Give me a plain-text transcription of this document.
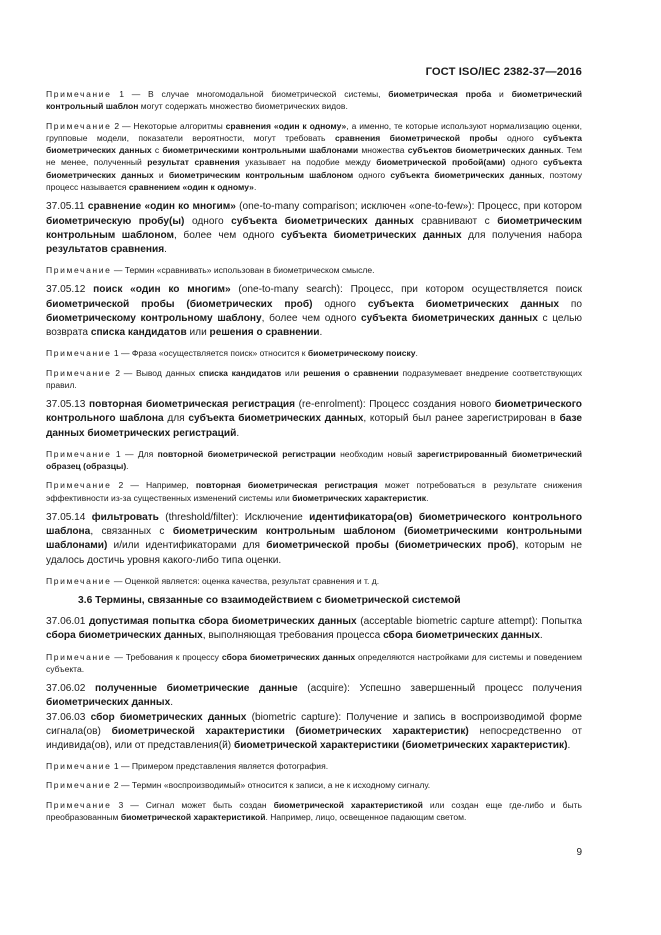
ГОСТ ISO/IEC 2382-37—2016

Примечание 1 — В случае многомодальной биометрической системы, биометрическая проба и биометрический контрольный шаблон могут содержать множество биометрических видов.

Примечание 2 — Некоторые алгоритмы сравнения «один к одному», а именно, те которые используют нормализацию оценки, групповые модели, показатели вероятности, могут требовать сравнения биометрической пробы одного субъекта биометрических данных с биометрическими контрольными шаблонами множества субъектов биометрических данных. Тем не менее, полученный результат сравнения указывает на подобие между биометрической пробой(ами) одного субъекта биометрических данных и биометрическим контрольным шаблоном одного субъекта биометрических данных, поэтому процесс называется сравнением «один к одному».

37.05.11 сравнение «один ко многим» (one-to-many comparison; исключен «one-to-few»): Процесс, при котором биометрическую пробу(ы) одного субъекта биометрических данных сравнивают с биометрическим контрольным шаблоном, более чем одного субъекта биометрических данных для получения набора результатов сравнения.

Примечание — Термин «сравнивать» использован в биометрическом смысле.

37.05.12 поиск «один ко многим» (one-to-many search): Процесс, при котором осуществляется поиск биометрической пробы (биометрических проб) одного субъекта биометрических данных по биометрическому контрольному шаблону, более чем одного субъекта биометрических данных с целью возврата списка кандидатов или решения о сравнении.

Примечание 1 — Фраза «осуществляется поиск» относится к биометрическому поиску.

Примечание 2 — Вывод данных списка кандидатов или решения о сравнении подразумевает внедрение соответствующих правил.

37.05.13 повторная биометрическая регистрация (re-enrolment): Процесс создания нового биометрического контрольного шаблона для субъекта биометрических данных, который был ранее зарегистрирован в базе данных биометрических регистраций.

Примечание 1 — Для повторной биометрической регистрации необходим новый зарегистрированный биометрический образец (образцы).

Примечание 2 — Например, повторная биометрическая регистрация может потребоваться в результате снижения эффективности из-за существенных изменений системы или биометрических характеристик.

37.05.14 фильтровать (threshold/filter): Исключение идентификатора(ов) биометрического контрольного шаблона, связанных с биометрическим контрольным шаблоном (биометрическими контрольными шаблонами) и/или идентификаторами для биометрической пробы (биометрических проб), которым не удалось достичь уровня какого-либо типа оценки.

Примечание — Оценкой является: оценка качества, результат сравнения и т. д.

3.6 Термины, связанные со взаимодействием с биометрической системой

37.06.01 допустимая попытка сбора биометрических данных (acceptable biometric capture attempt): Попытка сбора биометрических данных, выполняющая требования процесса сбора биометрических данных.

Примечание — Требования к процессу сбора биометрических данных определяются настройками для системы и поведением субъекта.

37.06.02 полученные биометрические данные (acquire): Успешно завершенный процесс получения биометрических данных.

37.06.03 сбор биометрических данных (biometric capture): Получение и запись в воспроизводимой форме сигнала(ов) биометрической характеристики (биометрических характеристик) непосредственно от индивида(ов), или от представления(й) биометрической характеристики (биометрических характеристик).

Примечание 1 — Примером представления является фотография.

Примечание 2 — Термин «воспроизводимый» относится к записи, а не к исходному сигналу.

Примечание 3 — Сигнал может быть создан биометрической характеристикой или создан еще где-либо и быть преобразованным биометрической характеристикой. Например, лицо, освещенное падающим светом.

9
